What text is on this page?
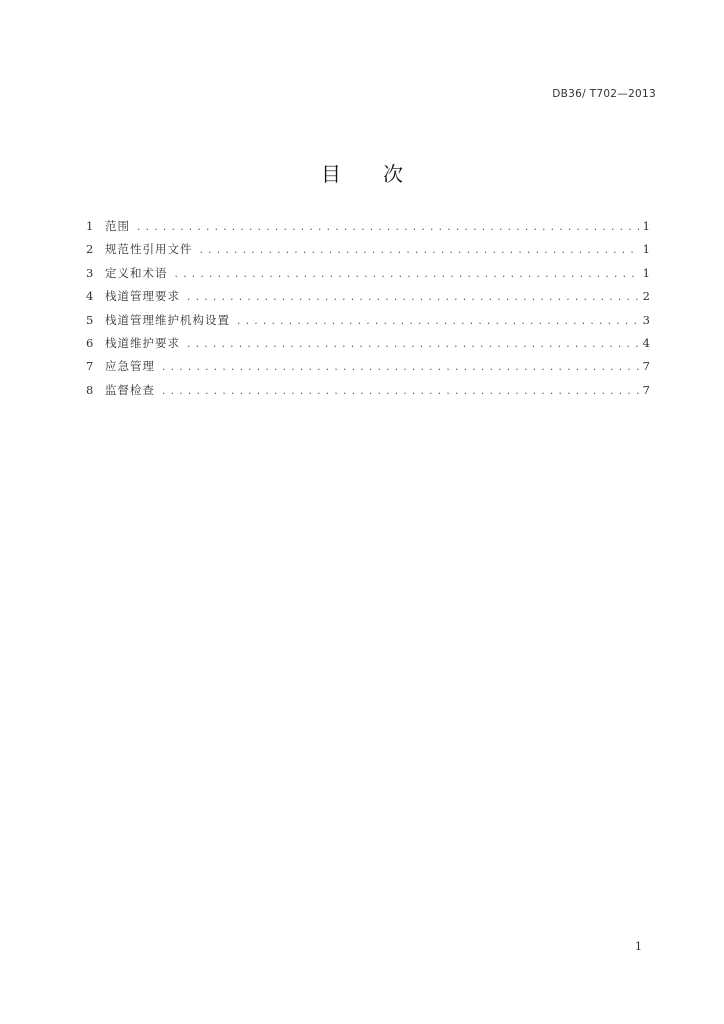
DB36/ T702—2013
目 次
1	范围 .....	1
2	规范性引用文件 .....	1
3	定义和术语 .....	1
4	栈道管理要求 .....	2
5	栈道管理维护机构设置 .....	3
6	栈道维护要求 .....	4
7	应急管理 .....	7
8	监督检查 .....	7
1
